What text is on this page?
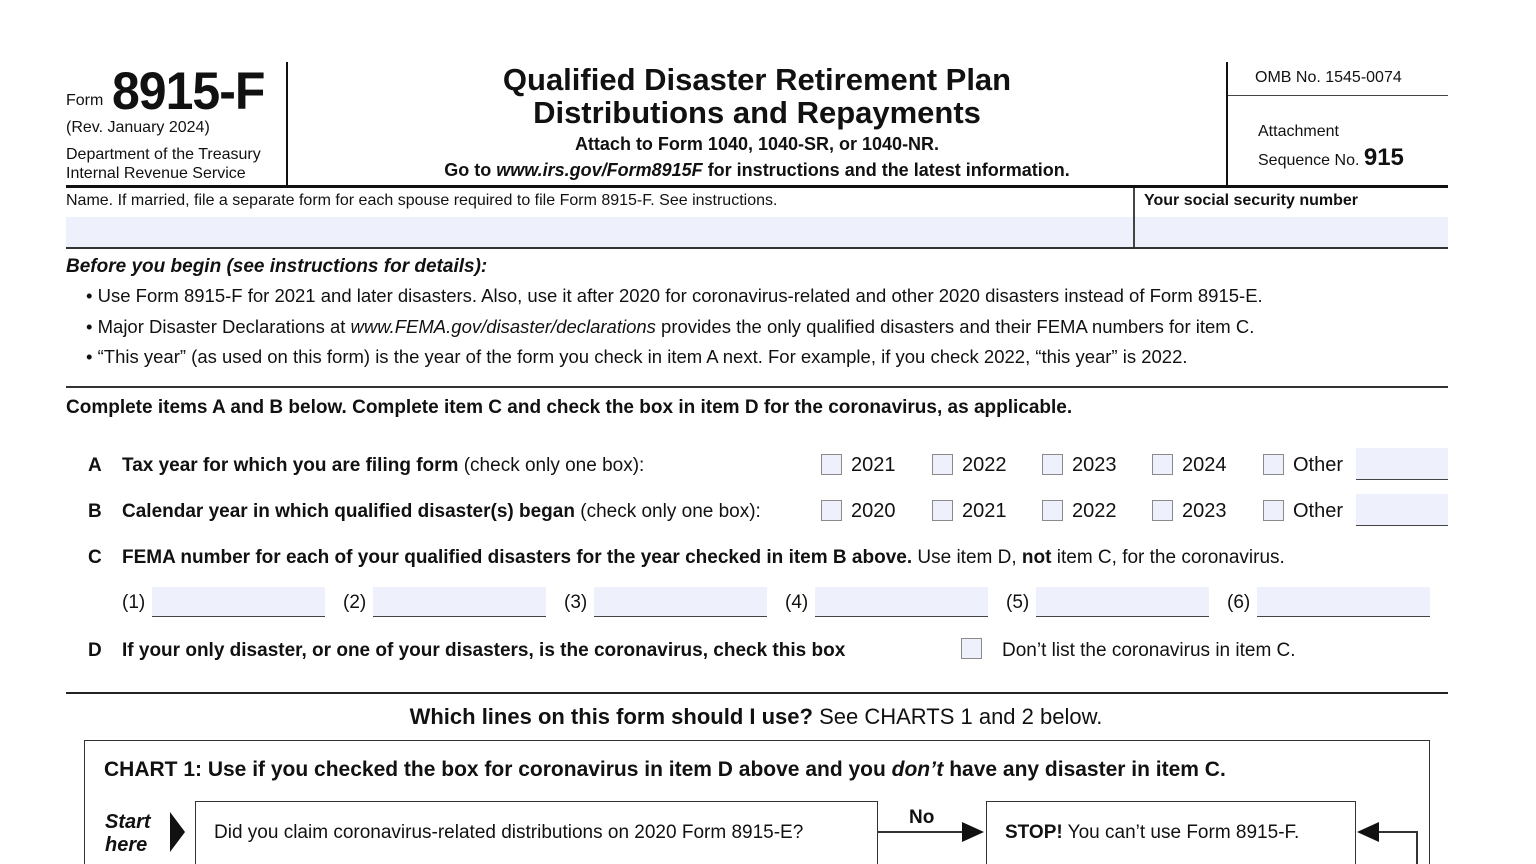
Form 8915-F
(Rev. January 2024)
Department of the Treasury
Internal Revenue Service
Qualified Disaster Retirement Plan
Distributions and Repayments
Attach to Form 1040, 1040-SR, or 1040-NR.
Go to www.irs.gov/Form8915F for instructions and the latest information.
OMB No. 1545-0074
Attachment
Sequence No. 915
Name. If married, file a separate form for each spouse required to file Form 8915-F. See instructions.	Your social security number
Before you begin (see instructions for details):
• Use Form 8915-F for 2021 and later disasters. Also, use it after 2020 for coronavirus-related and other 2020 disasters instead of Form 8915-E.
• Major Disaster Declarations at www.FEMA.gov/disaster/declarations provides the only qualified disasters and their FEMA numbers for item C.
• “This year” (as used on this form) is the year of the form you check in item A next. For example, if you check 2022, “this year” is 2022.
Complete items A and B below. Complete item C and check the box in item D for the coronavirus, as applicable.
A Tax year for which you are filing form (check only one box):	2021	2022	2023	2024	Other
B Calendar year in which qualified disaster(s) began (check only one box):	2020	2021	2022	2023	Other
C FEMA number for each of your qualified disasters for the year checked in item B above. Use item D, not item C, for the coronavirus.
(1)	(2)	(3)	(4)	(5)	(6)
D If your only disaster, or one of your disasters, is the coronavirus, check this box	Don’t list the coronavirus in item C.
Which lines on this form should I use? See CHARTS 1 and 2 below.
CHART 1: Use if you checked the box for coronavirus in item D above and you don’t have any disaster in item C.
Start
here
Did you claim coronavirus-related distributions on 2020 Form 8915-E?
No
STOP! You can’t use Form 8915-F.
